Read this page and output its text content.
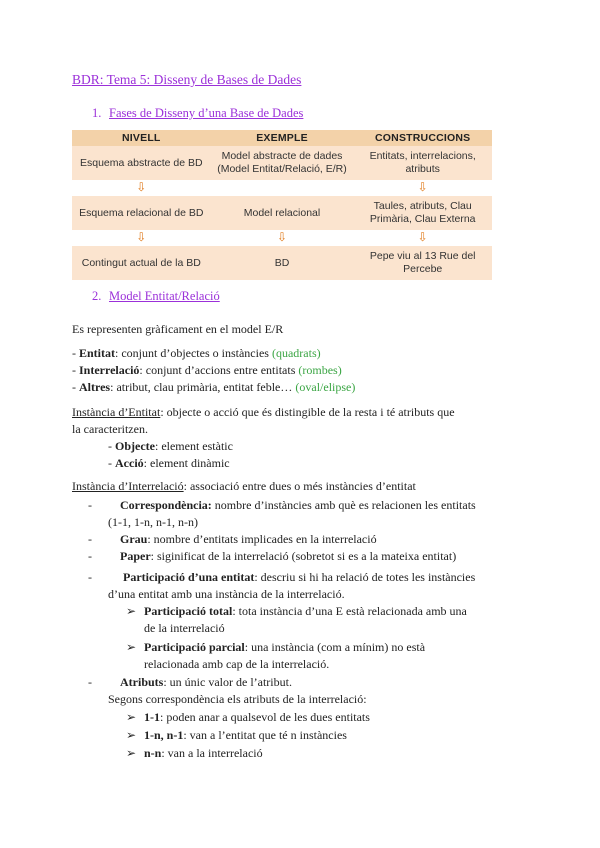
BDR: Tema 5: Disseny de Bases de Dades
1. Fases de Disseny d’una Base de Dades
NIVELL	EXEMPLE	CONSTRUCCIONS
Esquema abstracte de BD	Model abstracte de dades (Model Entitat/Relació, E/R)	Entitats, interrelacions, atributs
⇩		⇩
Esquema relacional de BD	Model relacional	Taules, atributs, Clau Primària, Clau Externa
⇩	⇩	⇩
Contingut actual de la BD	BD	Pepe viu al 13 Rue del Percebe
2. Model Entitat/Relació
Es representen gràficament en el model E/R
- Entitat: conjunt d’objectes o instàncies (quadrats)
- Interrelació: conjunt d’accions entre entitats (rombes)
- Altres: atribut, clau primària, entitat feble… (oval/elipse)
Instància d’Entitat: objecte o acció que és distingible de la resta i té atributs que
la caracteritzen.
- Objecte: element estàtic
- Acció: element dinàmic
Instància d’Interrelació: associació entre dues o més instàncies d’entitat
- Correspondència: nombre d’instàncies amb què es relacionen les entitats
(1-1, 1-n, n-1, n-n)
- Grau: nombre d’entitats implicades en la interrelació
- Paper: siginificat de la interrelació (sobretot si es a la mateixa entitat)
-	Participació d’una entitat: descriu si hi ha relació de totes les instàncies
d’una entitat amb una instància de la interrelació.
➢ Participació total: tota instància d’una E està relacionada amb una
de la interrelació
➢ Participació parcial: una instància (com a mínim) no està
relacionada amb cap de la interrelació.
- Atributs: un únic valor de l’atribut.
Segons correspondència els atributs de la interrelació:
➢ 1-1: poden anar a qualsevol de les dues entitats
➢ 1-n, n-1: van a l’entitat que té n instàncies
➢ n-n: van a la interrelació
